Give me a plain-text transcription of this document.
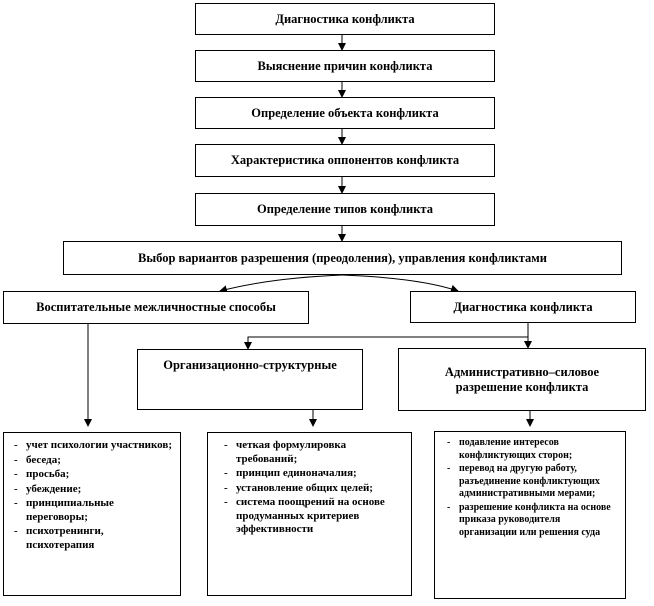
Диагностика конфликта
Выяснение причин конфликта
Определение объекта конфликта
Характеристика оппонентов конфликта
Определение типов конфликта
Выбор вариантов разрешения (преодоления), управления конфликтами
Воспитательные межличностные способы	Диагностика конфликта
Организационно-структурные	Административно–силовое
разрешение конфликта
- учет психологии участников;
- беседа;
- просьба;
- убеждение;
- принципиальные переговоры;
- психотренинги, психотерапия
- четкая формулировка требований;
- принцип единоначалия;
- установление общих целей;
- система поощрений на основе продуманных критериев эффективности
- подавление интересов конфликтующих сторон;
- перевод на другую работу, разъединение конфликтующих административными мерами;
- разрешение конфликта на основе приказа руководителя организации или решения суда
